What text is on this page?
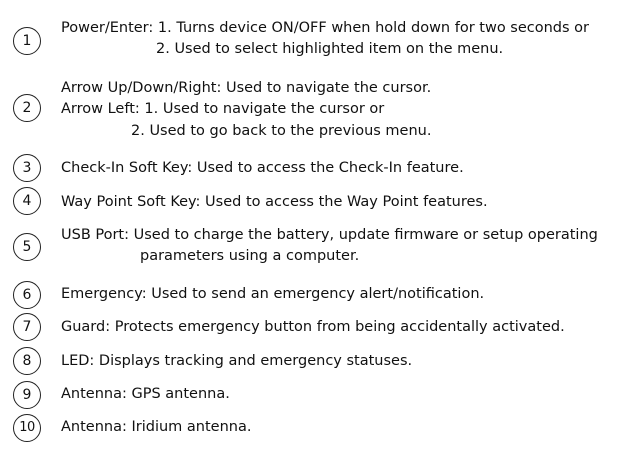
1
Power/Enter: 1. Turns device ON/OFF when hold down for two seconds or
2. Used to select highlighted item on the menu.
2
Arrow Up/Down/Right: Used to navigate the cursor.
Arrow Left: 1. Used to navigate the cursor or
2. Used to go back to the previous menu.
3	Check-In Soft Key: Used to access the Check-In feature.
4	Way Point Soft Key: Used to access the Way Point features.
5
USB Port: Used to charge the battery, update firmware or setup operating
parameters using a computer.
6	Emergency: Used to send an emergency alert/notification.
7	Guard: Protects emergency button from being accidentally activated.
8	LED: Displays tracking and emergency statuses.
9	Antenna: GPS antenna.
10	Antenna: Iridium antenna.
